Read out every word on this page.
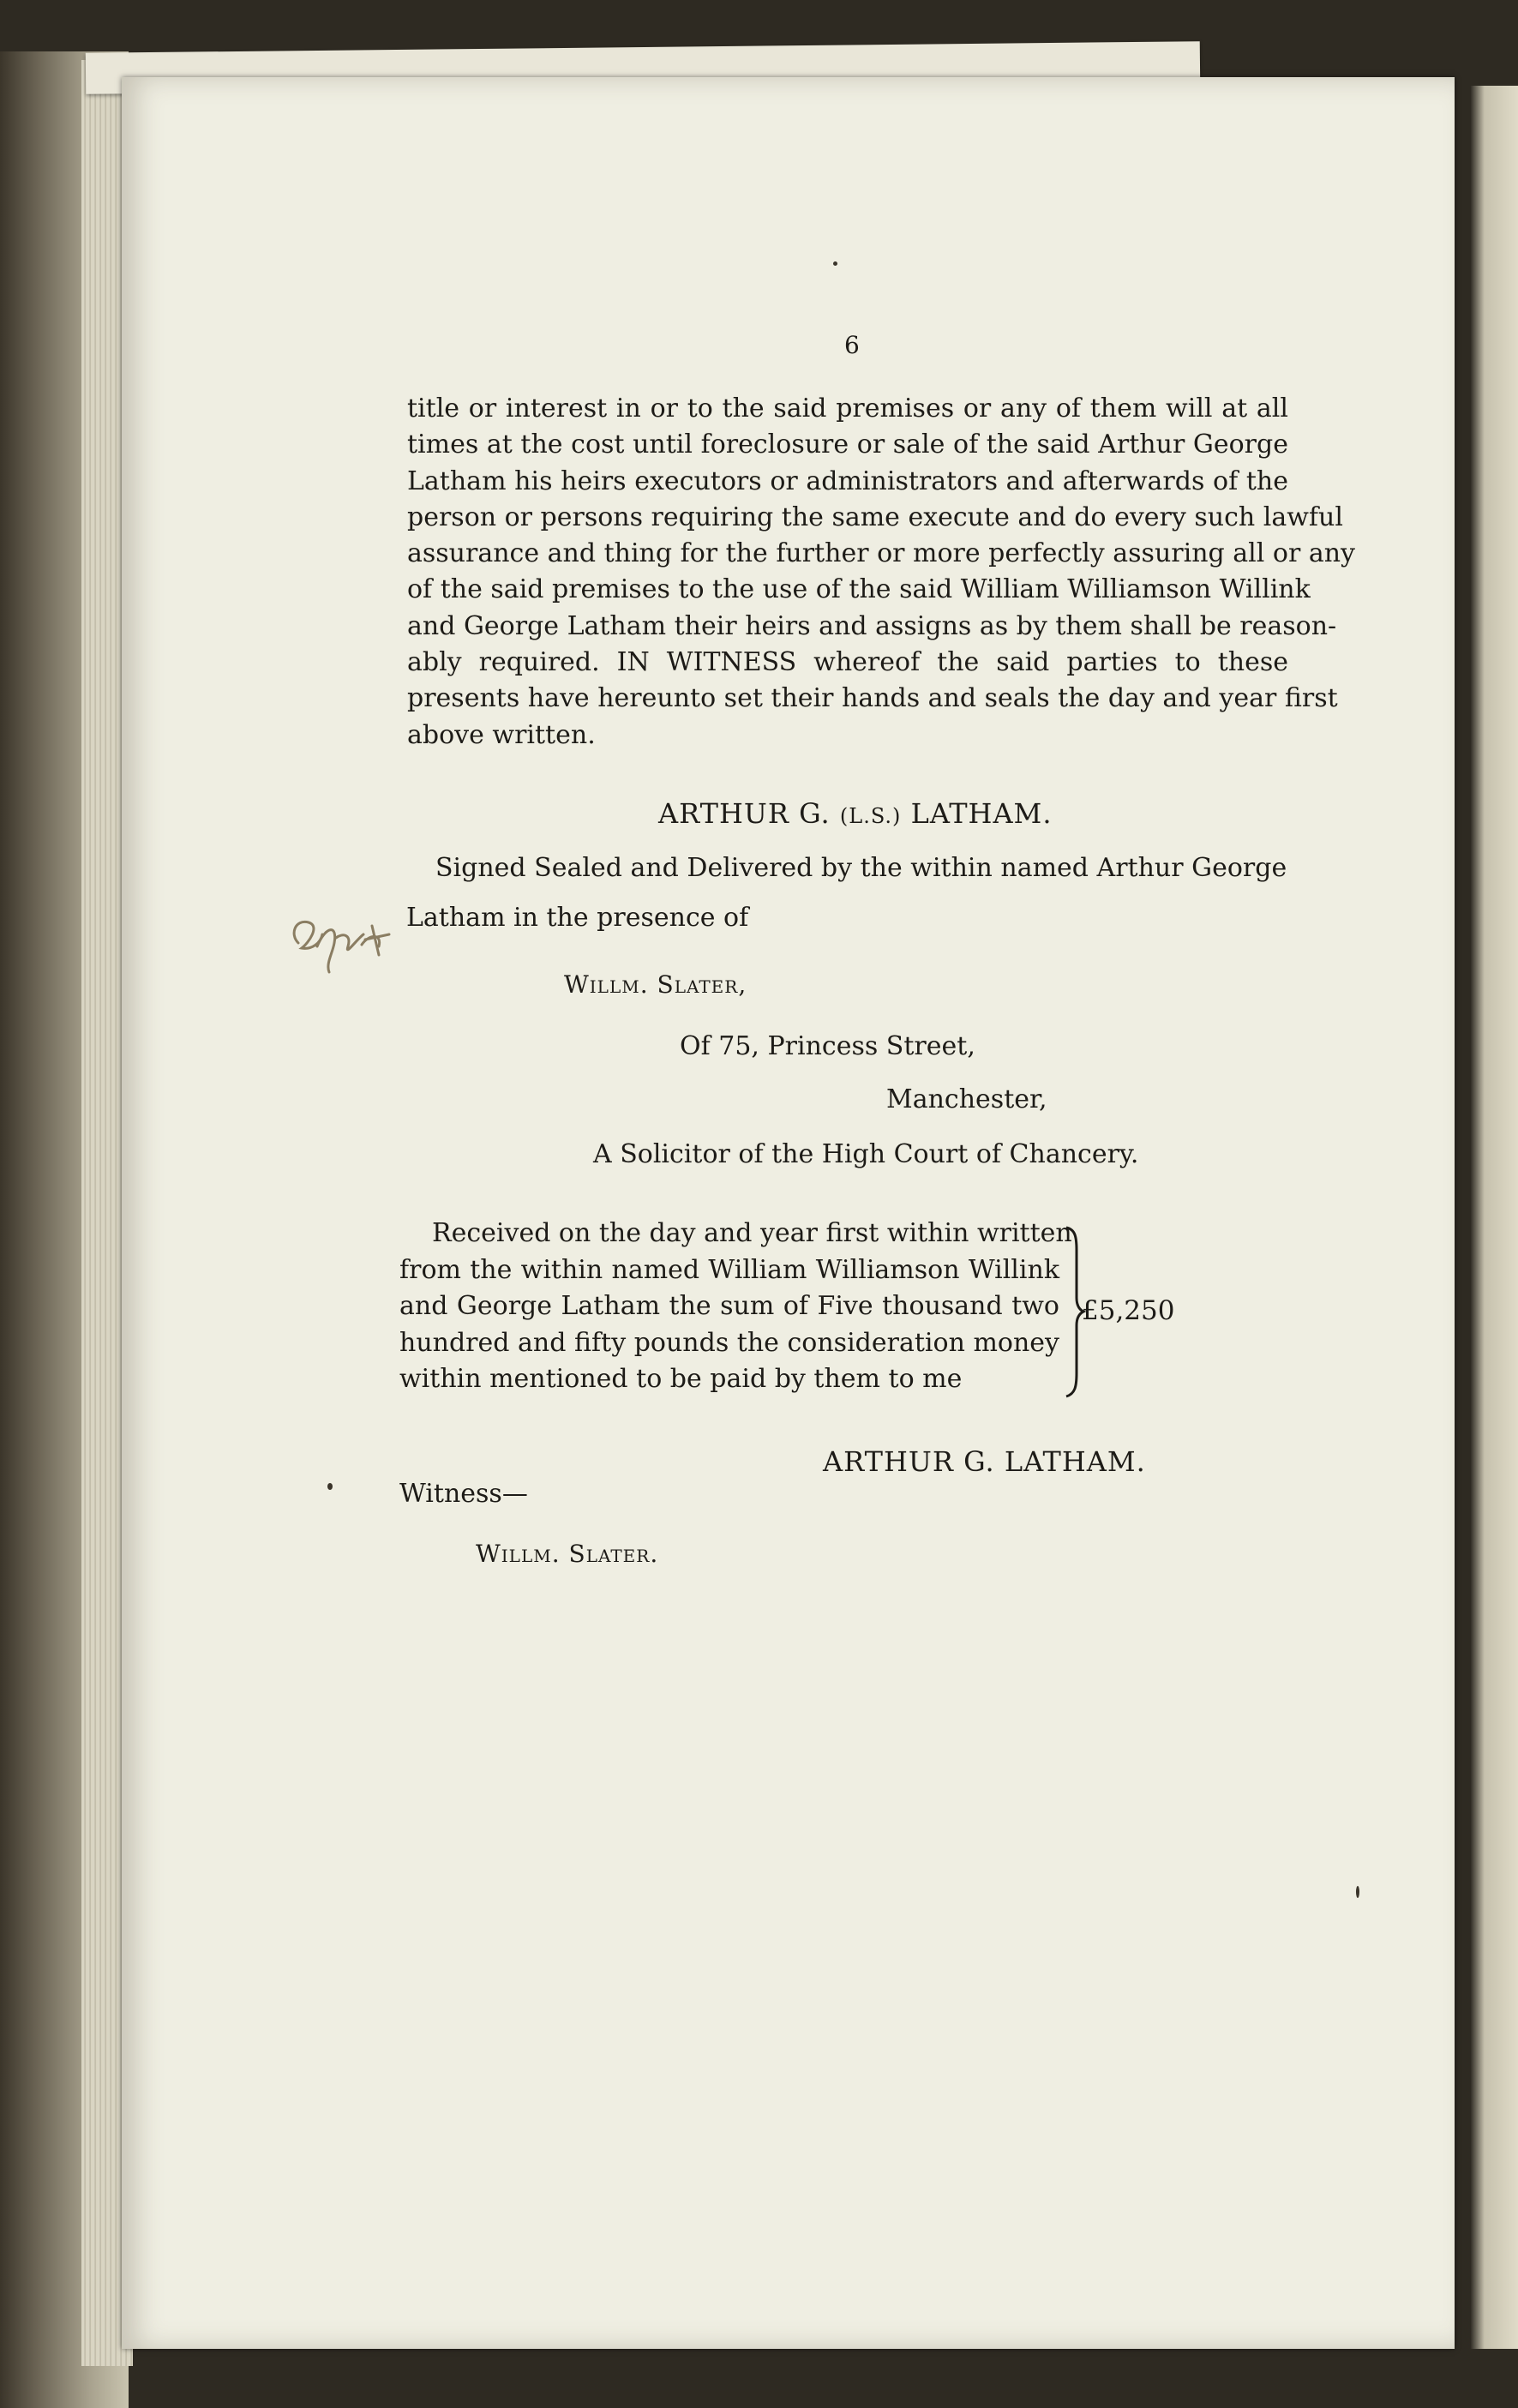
6
title or interest in or to the said premises or any of them will at all
times at the cost until foreclosure or sale of the said Arthur George
Latham his heirs executors or administrators and afterwards of the
person or persons requiring the same execute and do every such lawful
assurance and thing for the further or more perfectly assuring all or any
of the said premises to the use of the said William Williamson Willink
and George Latham their heirs and assigns as by them shall be reason-
ably required. IN WITNESS whereof the said parties to these
presents have hereunto set their hands and seals the day and year first
above written.
ARTHUR G. (L.S.) LATHAM.
Signed Sealed and Delivered by the within named Arthur George
Latham in the presence of
Willm. Slater,
Of 75, Princess Street,
Manchester,
A Solicitor of the High Court of Chancery.
Received on the day and year first within written
from the within named William Williamson Willink
and George Latham the sum of Five thousand two
hundred and fifty pounds the consideration money
within mentioned to be paid by them to me
£5,250
ARTHUR G. LATHAM.
Witness—
Willm. Slater.
